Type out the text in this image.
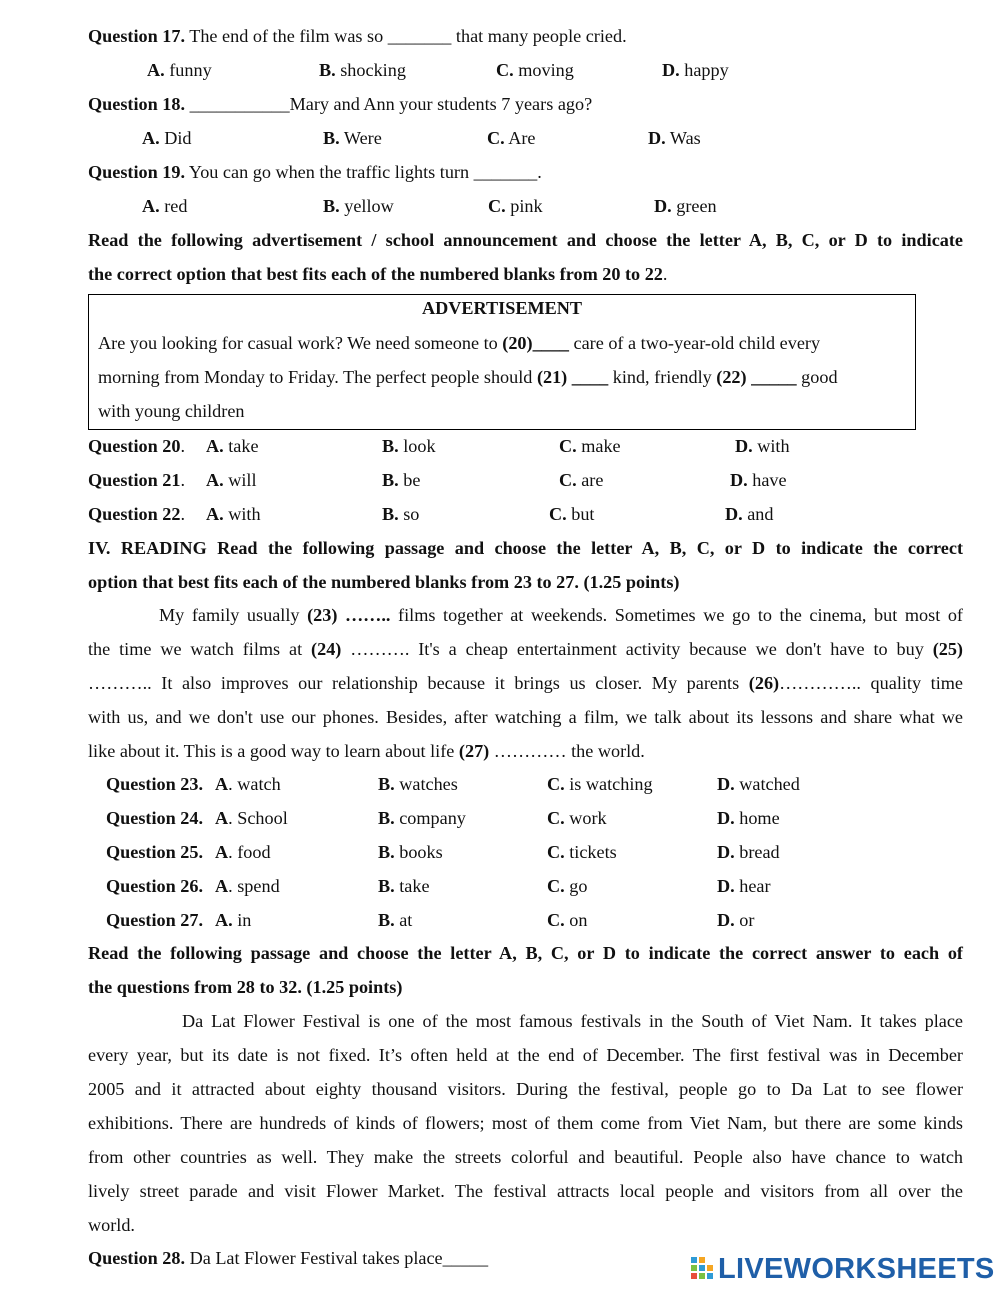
Question 17. The end of the film was so _______ that many people cried.
A. funny	B. shocking	C. moving	D. happy
Question 18. ___________Mary and Ann your students 7 years ago?
A. Did	B. Were	C. Are	D. Was
Question 19. You can go when the traffic lights turn _______.
A. red	B. yellow	C. pink	D. green
Read the following advertisement / school announcement and choose the letter A, B, C, or D to indicate
the correct option that best fits each of the numbered blanks from 20 to 22.
ADVERTISEMENT
Are you looking for casual work? We need someone to (20)____ care of a two-year-old child every
morning from Monday to Friday. The perfect people should (21) ____ kind, friendly (22) _____ good
with young children
Question 20. A. take	B. look	C. make	D. with
Question 21. A. will	B. be	C. are	D. have
Question 22. A. with	B. so	C. but	D. and
IV. READING Read the following passage and choose the letter A, B, C, or D to indicate the correct
option that best fits each of the numbered blanks from 23 to 27. (1.25 points)
My family usually (23) …….. films together at weekends. Sometimes we go to the cinema, but most of
the time we watch films at (24) ………. It's a cheap entertainment activity because we don't have to buy (25)
……….. It also improves our relationship because it brings us closer. My parents (26)………….. quality time
with us, and we don't use our phones. Besides, after watching a film, we talk about its lessons and share what we
like about it. This is a good way to learn about life (27) ………… the world.
Question 23. A. watch	B. watches	C. is watching	D. watched
Question 24. A. School	B. company	C. work	D. home
Question 25. A. food	B. books	C. tickets	D. bread
Question 26. A. spend	B. take	C. go	D. hear
Question 27. A. in	B. at	C. on	D. or
Read the following passage and choose the letter A, B, C, or D to indicate the correct answer to each of
the questions from 28 to 32. (1.25 points)
Da Lat Flower Festival is one of the most famous festivals in the South of Viet Nam. It takes place
every year, but its date is not fixed. It’s often held at the end of December. The first festival was in December
2005 and it attracted about eighty thousand visitors. During the festival, people go to Da Lat to see flower
exhibitions. There are hundreds of kinds of flowers; most of them come from Viet Nam, but there are some kinds
from other countries as well. They make the streets colorful and beautiful. People also have chance to watch
lively street parade and visit Flower Market. The festival attracts local people and visitors from all over the
world.
Question 28. Da Lat Flower Festival takes place_____	LIVEWORKSHEETS
